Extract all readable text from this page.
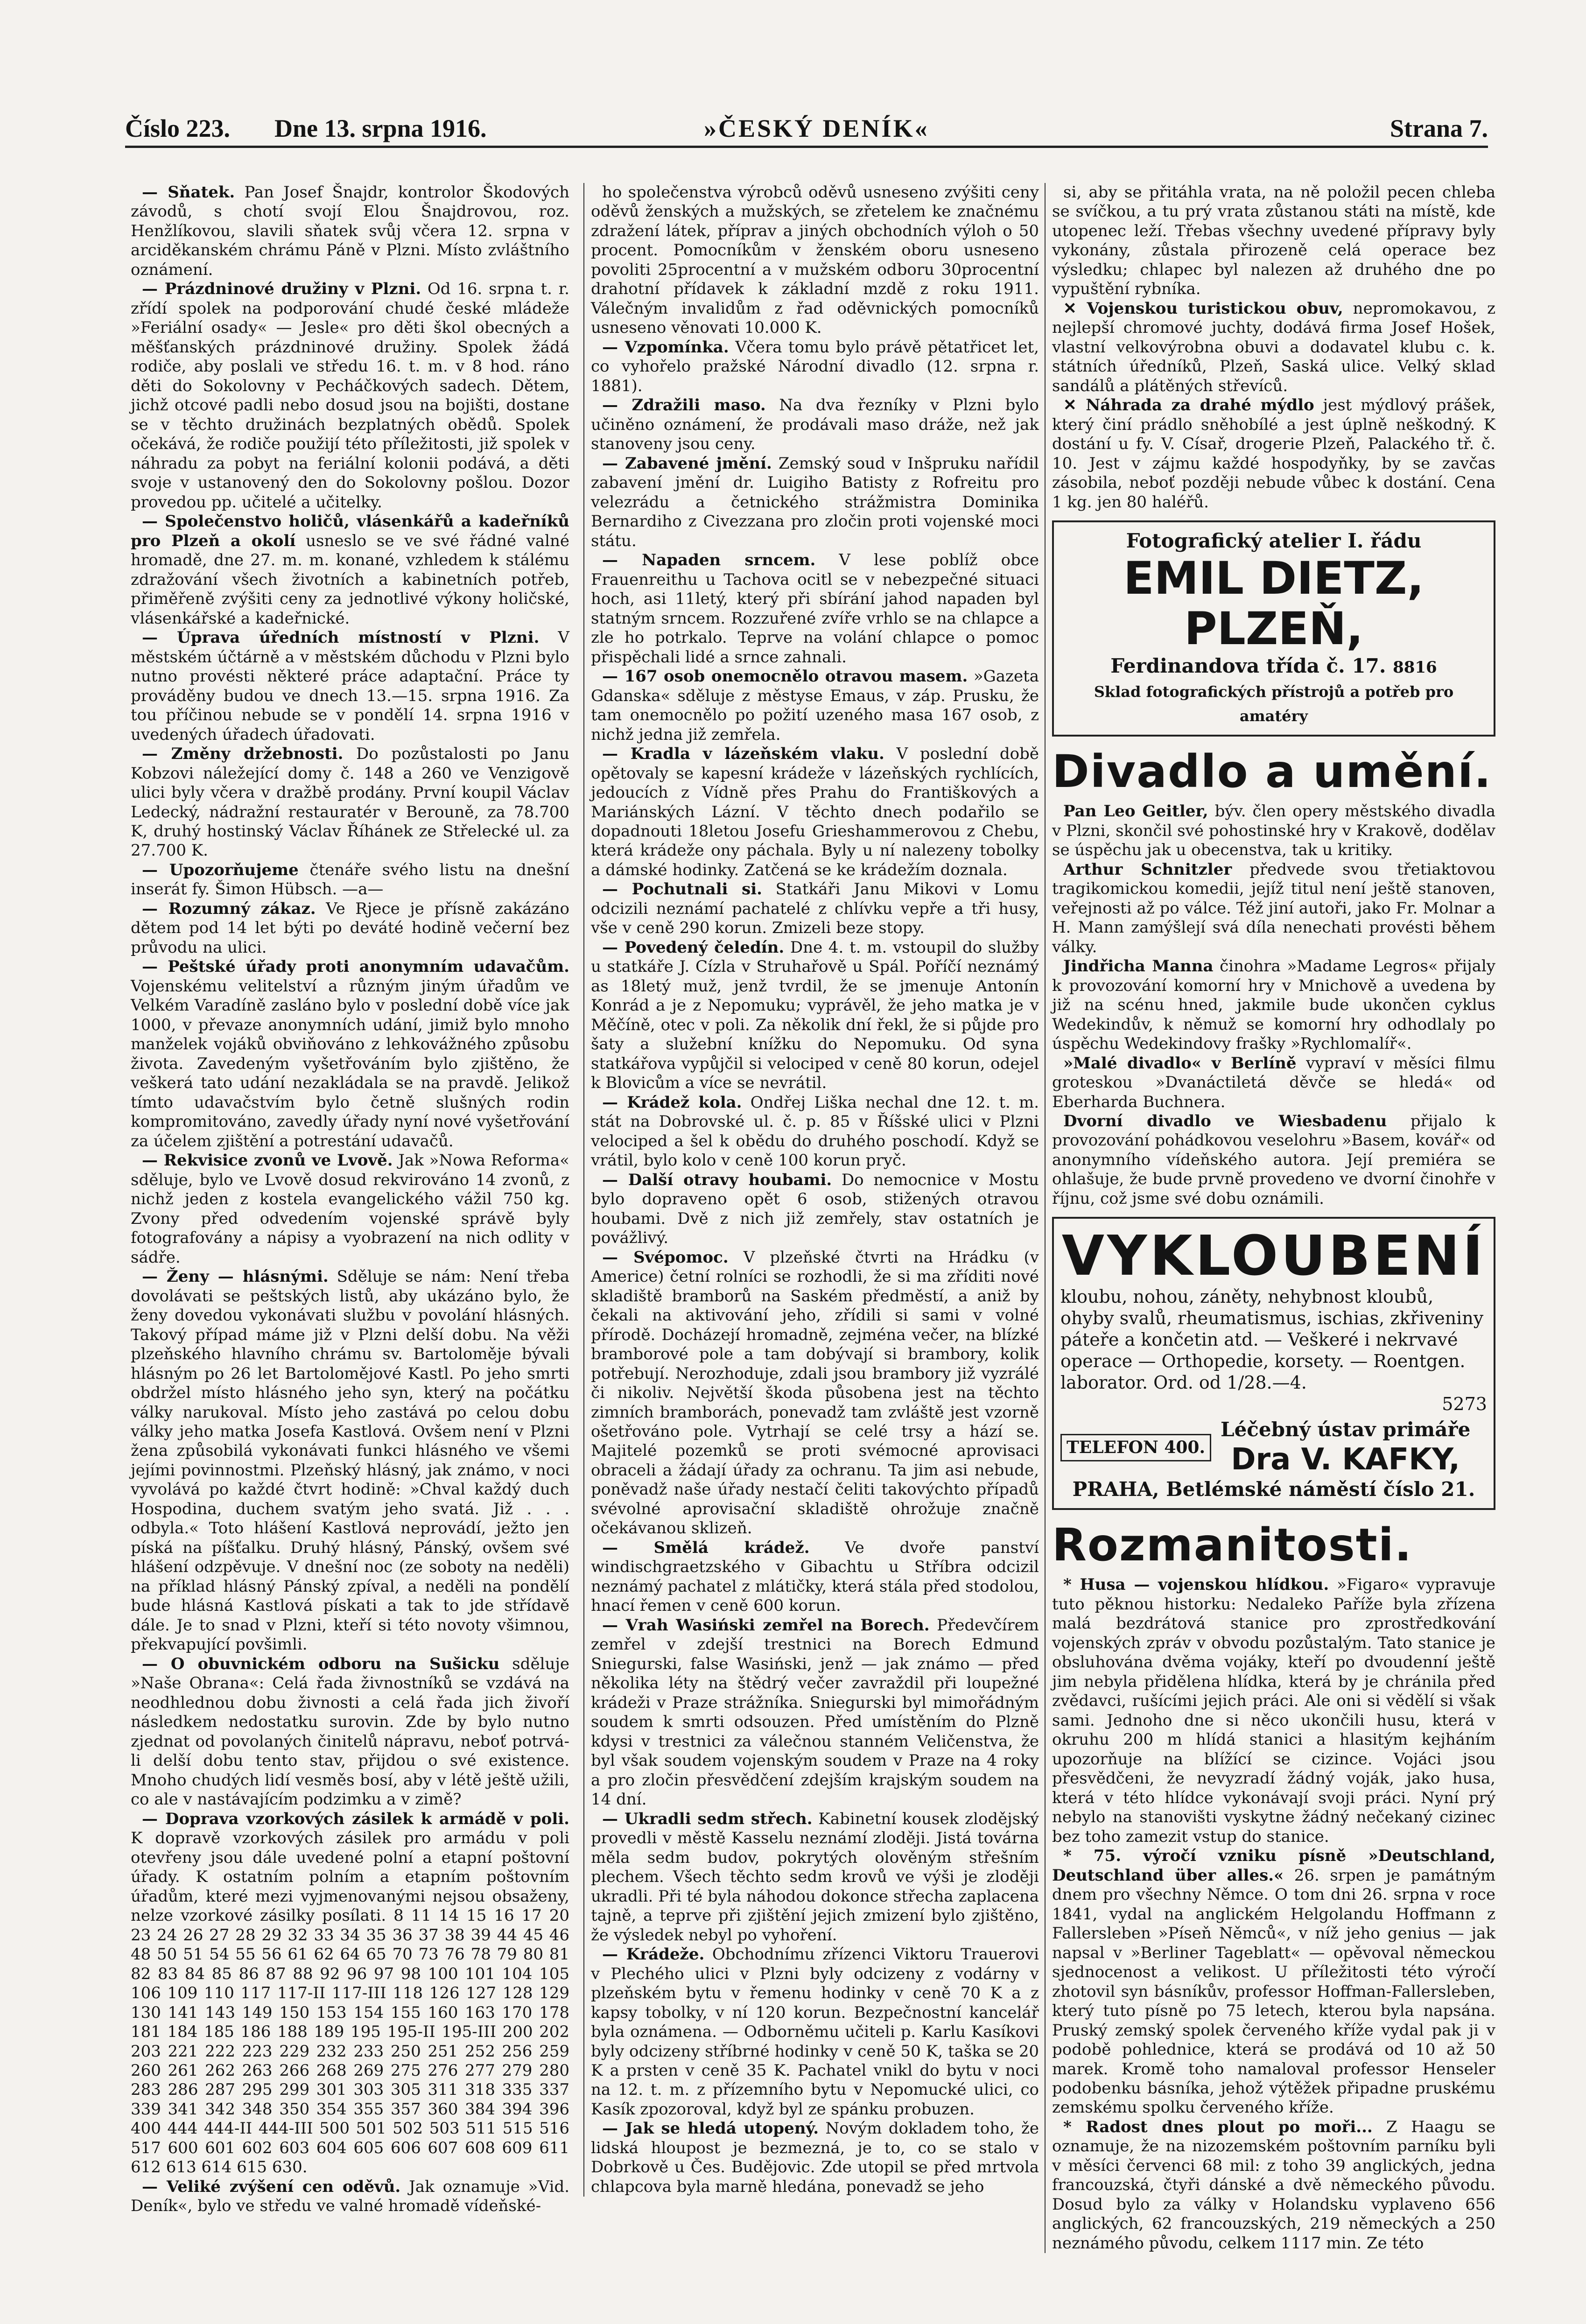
Číslo 223. Dne 13. srpna 1916.	»ČESKÝ DENÍK«	Strana 7.

— Sňatek. Pan Josef Šnajdr, kontrolor Škodových závodů, s chotí svojí Elou Šnajdrovou, roz. Henžlíkovou, slavili sňatek svůj včera 12. srpna v arciděkanském chrámu Páně v Plzni. Místo zvláštního oznámení.

— Prázdninové družiny v Plzni. Od 16. srpna t. r. zřídí spolek na podporování chudé české mládeže »Feriální osady« — Jesle« pro děti škol obecných a měšťanských prázdninové družiny. Spolek žádá rodiče, aby poslali ve středu 16. t. m. v 8 hod. ráno děti do Sokolovny v Pecháčkových sadech. Dětem, jichž otcové padli nebo dosud jsou na bojišti, dostane se v těchto družinách bezplatných obědů. Spolek očekává, že rodiče použijí této příležitosti, již spolek v náhradu za pobyt na feriální kolonii podává, a děti svoje v ustanovený den do Sokolovny pošlou. Dozor provedou pp. učitelé a učitelky.

— Společenstvo holičů, vlásenkářů a kadeřníků pro Plzeň a okolí usneslo se ve své řádné valné hromadě, dne 27. m. m. konané, vzhledem k stálému zdražování všech životních a kabinetních potřeb, přiměřeně zvýšiti ceny za jednotlivé výkony holičské, vlásenkářské a kadeřnické.

— Úprava úředních místností v Plzni. V městském účtárně a v městském důchodu v Plzni bylo nutno provésti některé práce adaptační. Práce ty prováděny budou ve dnech 13.—15. srpna 1916. Za tou příčinou nebude se v pondělí 14. srpna 1916 v uvedených úřadech úřadovati.

— Změny držebnosti. Do pozůstalosti po Janu Kobzovi náležející domy č. 148 a 260 ve Venzigově ulici byly včera v dražbě prodány. První koupil Václav Ledecký, nádražní restauratér v Berouně, za 78.700 K, druhý hostinský Václav Říhánek ze Střelecké ul. za 27.700 K.

— Upozorňujeme čtenáře svého listu na dnešní inserát fy. Šimon Hübsch. —a—

— Rozumný zákaz. Ve Rjece je přísně zakázáno dětem pod 14 let býti po deváté hodině večerní bez průvodu na ulici.

— Peštské úřady proti anonymním udavačům. Vojenskému velitelství a různým jiným úřadům ve Velkém Varadíně zasláno bylo v poslední době více jak 1000, v převaze anonymních udání, jimiž bylo mnoho manželek vojáků obviňováno z lehkovážného způsobu života. Zavedeným vyšetřováním bylo zjištěno, že veškerá tato udání nezakládala se na pravdě. Jelikož tímto udavačstvím bylo četně slušných rodin kompromitováno, zavedly úřady nyní nové vyšetřování za účelem zjištění a potrestání udavačů.

— Rekvisice zvonů ve Lvově. Jak »Nowa Reforma« sděluje, bylo ve Lvově dosud rekvirováno 14 zvonů, z nichž jeden z kostela evangelického vážil 750 kg. Zvony před odvedením vojenské správě byly fotografovány a nápisy a vyobrazení na nich odlity v sádře.

— Ženy — hlásnými. Sděluje se nám: Není třeba dovolávati se peštských listů, aby ukázáno bylo, že ženy dovedou vykonávati službu v povolání hlásných. Takový případ máme již v Plzni delší dobu. Na věži plzeňského hlavního chrámu sv. Bartoloměje bývali hlásným po 26 let Bartolomějové Kastl. Po jeho smrti obdržel místo hlásného jeho syn, který na počátku války narukoval. Místo jeho zastává po celou dobu války jeho matka Josefa Kastlová. Ovšem není v Plzni žena způsobilá vykonávati funkci hlásného ve všemi jejími povinnostmi. Plzeňský hlásný, jak známo, v noci vyvolává po každé čtvrt hodině: »Chval každý duch Hospodina, duchem svatým jeho svatá. Již . . . odbyla.« Toto hlášení Kastlová neprovádí, ježto jen píská na píšťalku. Druhý hlásný, Pánský, ovšem své hlášení odzpěvuje. V dnešní noc (ze soboty na neděli) na příklad hlásný Pánský zpíval, a neděli na pondělí bude hlásná Kastlová pískati a tak to jde střídavě dále. Je to snad v Plzni, kteří si této novoty všimnou, překvapující povšimli.

— O obuvnickém odboru na Sušicku sděluje »Naše Obrana«: Celá řada živnostníků se vzdává na neodhlednou dobu živnosti a celá řada jich živoří následkem nedostatku surovin. Zde by bylo nutno zjednat od povolaných činitelů nápravu, neboť potrvá-li delší dobu tento stav, přijdou o své existence. Mnoho chudých lidí vesměs bosí, aby v létě ještě užili, co ale v nastávajícím podzimku a v zimě?

— Doprava vzorkových zásilek k armádě v poli. K dopravě vzorkových zásilek pro armádu v poli otevřeny jsou dále uvedené polní a etapní poštovní úřady. K ostatním polním a etapním poštovním úřadům, které mezi vyjmenovanými nejsou obsaženy, nelze vzorkové zásilky posílati. 8 11 14 15 16 17 20 23 24 26 27 28 29 32 33 34 35 36 37 38 39 44 45 46 48 50 51 54 55 56 61 62 64 65 70 73 76 78 79 80 81 82 83 84 85 86 87 88 92 96 97 98 100 101 104 105 106 109 110 117 117-II 117-III 118 126 127 128 129 130 141 143 149 150 153 154 155 160 163 170 178 181 184 185 186 188 189 195 195-II 195-III 200 202 203 221 222 223 229 232 233 250 251 252 256 259 260 261 262 263 266 268 269 275 276 277 279 280 283 286 287 295 299 301 303 305 311 318 335 337 339 341 342 348 350 354 355 357 360 384 394 396 400 444 444-II 444-III 500 501 502 503 511 515 516 517 600 601 602 603 604 605 606 607 608 609 611 612 613 614 615 630.

— Veliké zvýšení cen oděvů. Jak oznamuje »Vid. Deník«, bylo ve středu ve valné hromadě vídeňské-

ho společenstva výrobců oděvů usneseno zvýšiti ceny oděvů ženských a mužských, se zřetelem ke značnému zdražení látek, příprav a jiných obchodních výloh o 50 procent. Pomocníkům v ženském oboru usneseno povoliti 25procentní a v mužském odboru 30procentní drahotní přídavek k základní mzdě z roku 1911. Válečným invalidům z řad oděvnických pomocníků usneseno věnovati 10.000 K.

— Vzpomínka. Včera tomu bylo právě pětatřicet let, co vyhořelo pražské Národní divadlo (12. srpna r. 1881).

— Zdražili maso. Na dva řezníky v Plzni bylo učiněno oznámení, že prodávali maso dráže, než jak stanoveny jsou ceny.

— Zabavené jmění. Zemský soud v Inšpruku nařídil zabavení jmění dr. Luigiho Batisty z Rofreitu pro velezrádu a četnického strážmistra Dominika Bernardiho z Civezzana pro zločin proti vojenské moci státu.

— Napaden srncem. V lese poblíž obce Frauenreithu u Tachova ocitl se v nebezpečné situaci hoch, asi 11letý, který při sbírání jahod napaden byl statným srncem. Rozzuřené zvíře vrhlo se na chlapce a zle ho potrkalo. Teprve na volání chlapce o pomoc přispěchali lidé a srnce zahnali.

— 167 osob onemocnělo otravou masem. »Gazeta Gdanska« sděluje z městyse Emaus, v záp. Prusku, že tam onemocnělo po požití uzeného masa 167 osob, z nichž jedna již zemřela.

— Kradla v lázeňském vlaku. V poslední době opětovaly se kapesní krádeže v lázeňských rychlících, jedoucích z Vídně přes Prahu do Františkových a Mariánských Lázní. V těchto dnech podařilo se dopadnouti 18letou Josefu Grieshammerovou z Chebu, která krádeže ony páchala. Byly u ní nalezeny tobolky a dámské hodinky. Zatčená se ke krádežím doznala.

— Pochutnali si. Statkáři Janu Mikovi v Lomu odcizili neznámí pachatelé z chlívku vepře a tři husy, vše v ceně 290 korun. Zmizeli beze stopy.

— Povedený čeledín. Dne 4. t. m. vstoupil do služby u statkáře J. Cízla v Struhařově u Spál. Poříčí neznámý as 18letý muž, jenž tvrdil, že se jmenuje Antonín Konrád a je z Nepomuku; vyprávěl, že jeho matka je v Měčíně, otec v poli. Za několik dní řekl, že si půjde pro šaty a služební knížku do Nepomuku. Od syna statkářova vypůjčil si velociped v ceně 80 korun, odejel k Blovicům a více se nevrátil.

— Krádež kola. Ondřej Liška nechal dne 12. t. m. stát na Dobrovské ul. č. p. 85 v Říšské ulici v Plzni velociped a šel k obědu do druhého poschodí. Když se vrátil, bylo kolo v ceně 100 korun pryč.

— Další otravy houbami. Do nemocnice v Mostu bylo dopraveno opět 6 osob, stižených otravou houbami. Dvě z nich již zemřely, stav ostatních je povážlivý.

— Svépomoc. V plzeňské čtvrti na Hrádku (v Americe) četní rolníci se rozhodli, že si ma zříditi nové skladiště bramborů na Saském předměstí, a aniž by čekali na aktivování jeho, zřídili si sami v volné přírodě. Docházejí hromadně, zejména večer, na blízké bramborové pole a tam dobývají si brambory, kolik potřebují. Nerozhoduje, zdali jsou brambory již vyzrálé či nikoliv. Největší škoda působena jest na těchto zimních bramborách, ponevadž tam zvláště jest vzorně ošetřováno pole. Vytrhají se celé trsy a hází se. Majitelé pozemků se proti svémocné aprovisaci obraceli a žádají úřady za ochranu. Ta jim asi nebude, poněvadž naše úřady nestačí čeliti takovýchto případů svévolné aprovisační skladiště ohrožuje značně očekávanou sklizeň.

— Smělá krádež. Ve dvoře panství windischgraetzského v Gibachtu u Stříbra odcizil neznámý pachatel z mlátičky, která stála před stodolou, hnací řemen v ceně 600 korun.

— Vrah Wasiński zemřel na Borech. Předevčírem zemřel v zdejší trestnici na Borech Edmund Sniegurski, false Wasiński, jenž — jak známo — před několika léty na štědrý večer zavraždil při loupežné krádeži v Praze strážníka. Sniegurski byl mimořádným soudem k smrti odsouzen. Před umístěním do Plzně kdysi v trestnici za válečnou stanném Veličenstva, že byl však soudem vojenským soudem v Praze na 4 roky a pro zločin přesvědčení zdejším krajským soudem na 14 dní.

— Ukradli sedm střech. Kabinetní kousek zlodějský provedli v městě Kasselu neznámí zloději. Jistá továrna měla sedm budov, pokrytých olověným střešním plechem. Všech těchto sedm krovů ve výši je zloději ukradli. Při té byla náhodou dokonce střecha zaplacena tajně, a teprve při zjištění jejich zmizení bylo zjištěno, že výsledek nebyl po vyhoření.

— Krádeže. Obchodnímu zřízenci Viktoru Trauerovi v Plechého ulici v Plzni byly odcizeny z vodárny v plzeňském bytu v řemenu hodinky v ceně 70 K a z kapsy tobolky, v ní 120 korun. Bezpečnostní kancelář byla oznámena. — Odborněmu učiteli p. Karlu Kasíkovi byly odcizeny stříbrné hodinky v ceně 50 K, taška se 20 K a prsten v ceně 35 K. Pachatel vnikl do bytu v noci na 12. t. m. z přízemního bytu v Nepomucké ulici, co Kasík zpozoroval, když byl ze spánku probuzen.

— Jak se hledá utopený. Novým dokladem toho, že lidská hloupost je bezmezná, je to, co se stalo v Dobrkově u Čes. Budějovic. Zde utopil se před mrtvola chlapcova byla marně hledána, ponevadž se jeho

si, aby se přitáhla vrata, na ně položil pecen chleba se svíčkou, a tu prý vrata zůstanou státi na místě, kde utopenec leží. Třebas všechny uvedené přípravy byly vykonány, zůstala přirozeně celá operace bez výsledku; chlapec byl nalezen až druhého dne po vypuštění rybníka.

✕ Vojenskou turistickou obuv, nepromokavou, z nejlepší chromové juchty, dodává firma Josef Hošek, vlastní velkovýrobna obuvi a dodavatel klubu c. k. státních úředníků, Plzeň, Saská ulice. Velký sklad sandálů a plátěných střevíců.

✕ Náhrada za drahé mýdlo jest mýdlový prášek, který činí prádlo sněhobílé a jest úplně neškodný. K dostání u fy. V. Císař, drogerie Plzeň, Palackého tř. č. 10. Jest v zájmu každé hospodyňky, by se zavčas zásobila, neboť později nebude vůbec k dostání. Cena 1 kg. jen 80 haléřů.

Fotografický atelier I. řádu
EMIL DIETZ, PLZEŇ,
Ferdinandova třída č. 17. 8816
Sklad fotografických přístrojů a potřeb pro amatéry
Divadlo a umění.

Pan Leo Geitler, býv. člen opery městského divadla v Plzni, skončil své pohostinské hry v Krakově, dodělav se úspěchu jak u obecenstva, tak u kritiky.

Arthur Schnitzler předvede svou třetiaktovou tragikomickou komedii, jejíž titul není ještě stanoven, veřejnosti až po válce. Též jiní autoři, jako Fr. Molnar a H. Mann zamýšlejí svá díla nenechati provésti během války.

Jindřicha Manna činohra »Madame Legros« přijaly k provozování komorní hry v Mnichově a uvedena by již na scénu hned, jakmile bude ukončen cyklus Wedekindův, k němuž se komorní hry odhodlaly po úspěchu Wedekindovy frašky »Rychlomalíř«.

»Malé divadlo« v Berlíně vypraví v měsíci filmu groteskou »Dvanáctiletá děvče se hledá« od Eberharda Buchnera.

Dvorní divadlo ve Wiesbadenu přijalo k provozování pohádkovou veselohru »Basem, kovář« od anonymního vídeňského autora. Její premiéra se ohlašuje, že bude prvně provedeno ve dvorní činohře v říjnu, což jsme své dobu oznámili.

VYKLOUBENÍ
kloubu, nohou, záněty, nehybnost kloubů, ohyby svalů, rheumatismus, ischias, zkřiveniny páteře a končetin atd. — Veškeré i nekrvavé operace — Orthopedie, korsety. — Roentgen. laborator. Ord. od 1/28.—4.
5273
TELEFON 400.
Léčebný ústav primáře
Dra V. KAFKY,
PRAHA, Betlémské náměstí číslo 21.
Rozmanitosti.

* Husa — vojenskou hlídkou. »Figaro« vypravuje tuto pěknou historku: Nedaleko Paříže byla zřízena malá bezdrátová stanice pro zprostředkování vojenských zpráv v obvodu pozůstalým. Tato stanice je obsluhována dvěma vojáky, kteří po dvoudenní ještě jim nebyla přidělena hlídka, která by je chránila před zvědavci, rušícími jejich práci. Ale oni si vědělí si však sami. Jednoho dne si něco ukončili husu, která v okruhu 200 m hlídá stanici a hlasitým kejháním upozorňuje na blížící se cizince. Vojáci jsou přesvědčeni, že nevyzradí žádný voják, jako husa, která v této hlídce vykonávají svoji práci. Nyní prý nebylo na stanovišti vyskytne žádný nečekaný cizinec bez toho zamezit vstup do stanice.

* 75. výročí vzniku písně »Deutschland, Deutschland über alles.« 26. srpen je památným dnem pro všechny Němce. O tom dni 26. srpna v roce 1841, vydal na anglickém Helgolandu Hoffmann z Fallersleben »Píseň Němců«, v níž jeho genius — jak napsal v »Berliner Tageblatt« — opěvoval německou sjednocenost a velikost. U příležitosti této výročí zhotovil syn básníkův, professor Hoffman-Fallersleben, který tuto písně po 75 letech, kterou byla napsána. Pruský zemský spolek červeného kříže vydal pak ji v podobě pohlednice, která se prodává od 10 až 50 marek. Kromě toho namaloval professor Henseler podobenku básníka, jehož výtěžek připadne pruskému zemskému spolku červeného kříže.

* Radost dnes plout po moři... Z Haagu se oznamuje, že na nizozemském poštovním parníku byli v měsíci červenci 68 mil: z toho 39 anglických, jedna francouzská, čtyři dánské a dvě německého původu. Dosud bylo za války v Holandsku vyplaveno 656 anglických, 62 francouzských, 219 německých a 250 neznámého původu, celkem 1117 min. Ze této
